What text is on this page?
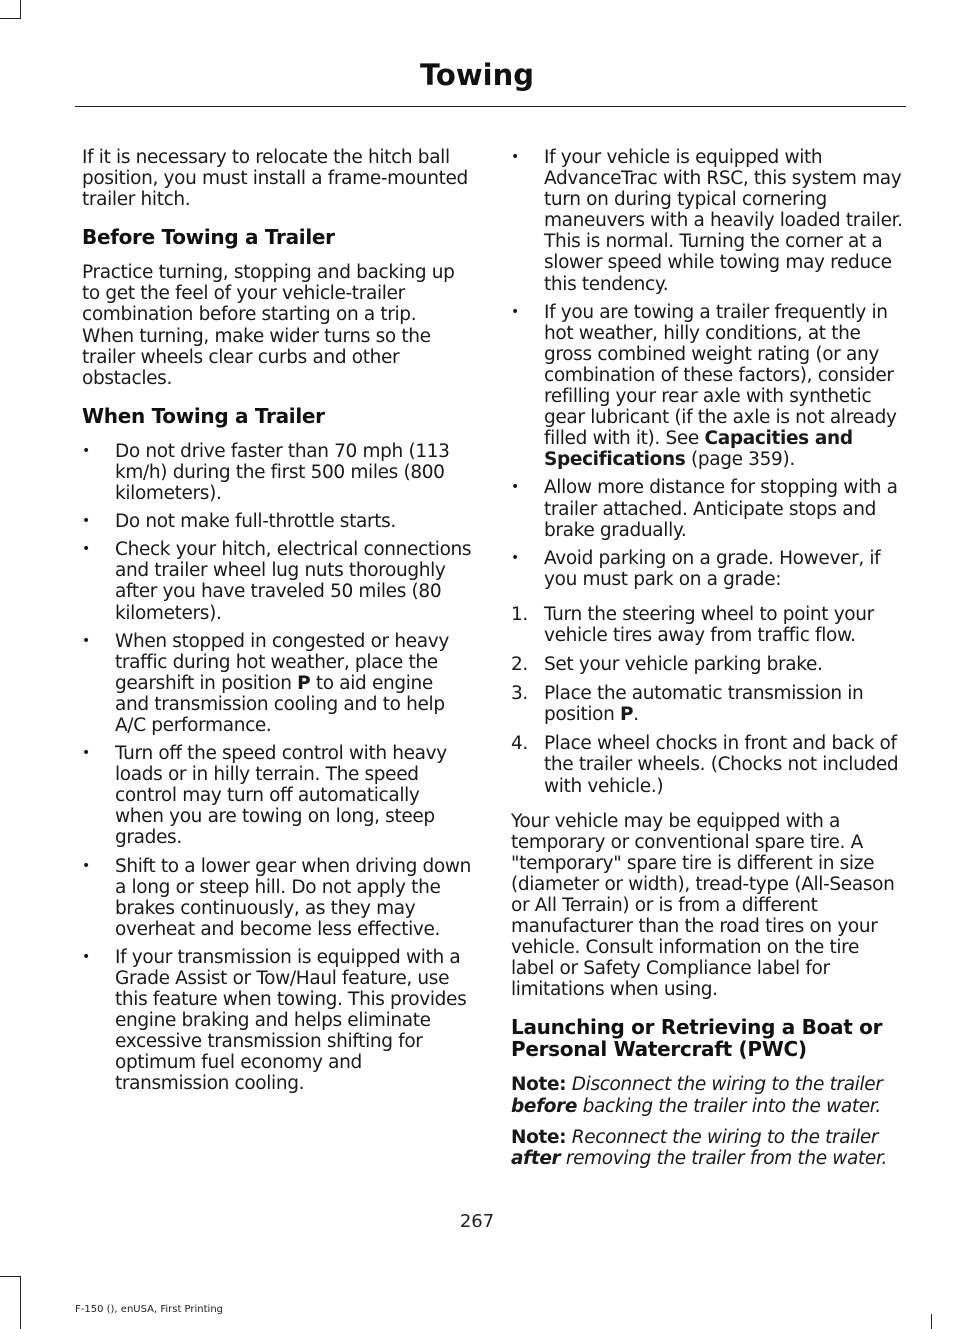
Towing

If it is necessary to relocate the hitch ball position, you must install a frame-mounted trailer hitch.

Before Towing a Trailer

Practice turning, stopping and backing up to get the feel of your vehicle-trailer combination before starting on a trip. When turning, make wider turns so the trailer wheels clear curbs and other obstacles.

When Towing a Trailer
• Do not drive faster than 70 mph (113 km/h) during the first 500 miles (800 kilometers).
• Do not make full-throttle starts.
• Check your hitch, electrical connections and trailer wheel lug nuts thoroughly after you have traveled 50 miles (80 kilometers).
• When stopped in congested or heavy traffic during hot weather, place the gearshift in position P to aid engine and transmission cooling and to help A/C performance.
• Turn off the speed control with heavy loads or in hilly terrain. The speed control may turn off automatically when you are towing on long, steep grades.
• Shift to a lower gear when driving down a long or steep hill. Do not apply the brakes continuously, as they may overheat and become less effective.
• If your transmission is equipped with a Grade Assist or Tow/Haul feature, use this feature when towing. This provides engine braking and helps eliminate excessive transmission shifting for optimum fuel economy and transmission cooling.
• If your vehicle is equipped with AdvanceTrac with RSC, this system may turn on during typical cornering maneuvers with a heavily loaded trailer. This is normal. Turning the corner at a slower speed while towing may reduce this tendency.
• If you are towing a trailer frequently in hot weather, hilly conditions, at the gross combined weight rating (or any combination of these factors), consider refilling your rear axle with synthetic gear lubricant (if the axle is not already filled with it). See Capacities and Specifications (page 359).
• Allow more distance for stopping with a trailer attached. Anticipate stops and brake gradually.
• Avoid parking on a grade. However, if you must park on a grade:
1. Turn the steering wheel to point your vehicle tires away from traffic flow.
2. Set your vehicle parking brake.
3. Place the automatic transmission in position P.
4. Place wheel chocks in front and back of the trailer wheels. (Chocks not included with vehicle.)

Your vehicle may be equipped with a temporary or conventional spare tire. A "temporary" spare tire is different in size (diameter or width), tread-type (All-Season or All Terrain) or is from a different manufacturer than the road tires on your vehicle. Consult information on the tire label or Safety Compliance label for limitations when using.

Launching or Retrieving a Boat or Personal Watercraft (PWC)

Note: Disconnect the wiring to the trailer before backing the trailer into the water.

Note: Reconnect the wiring to the trailer after removing the trailer from the water.

267
F-150 (), enUSA, First Printing
